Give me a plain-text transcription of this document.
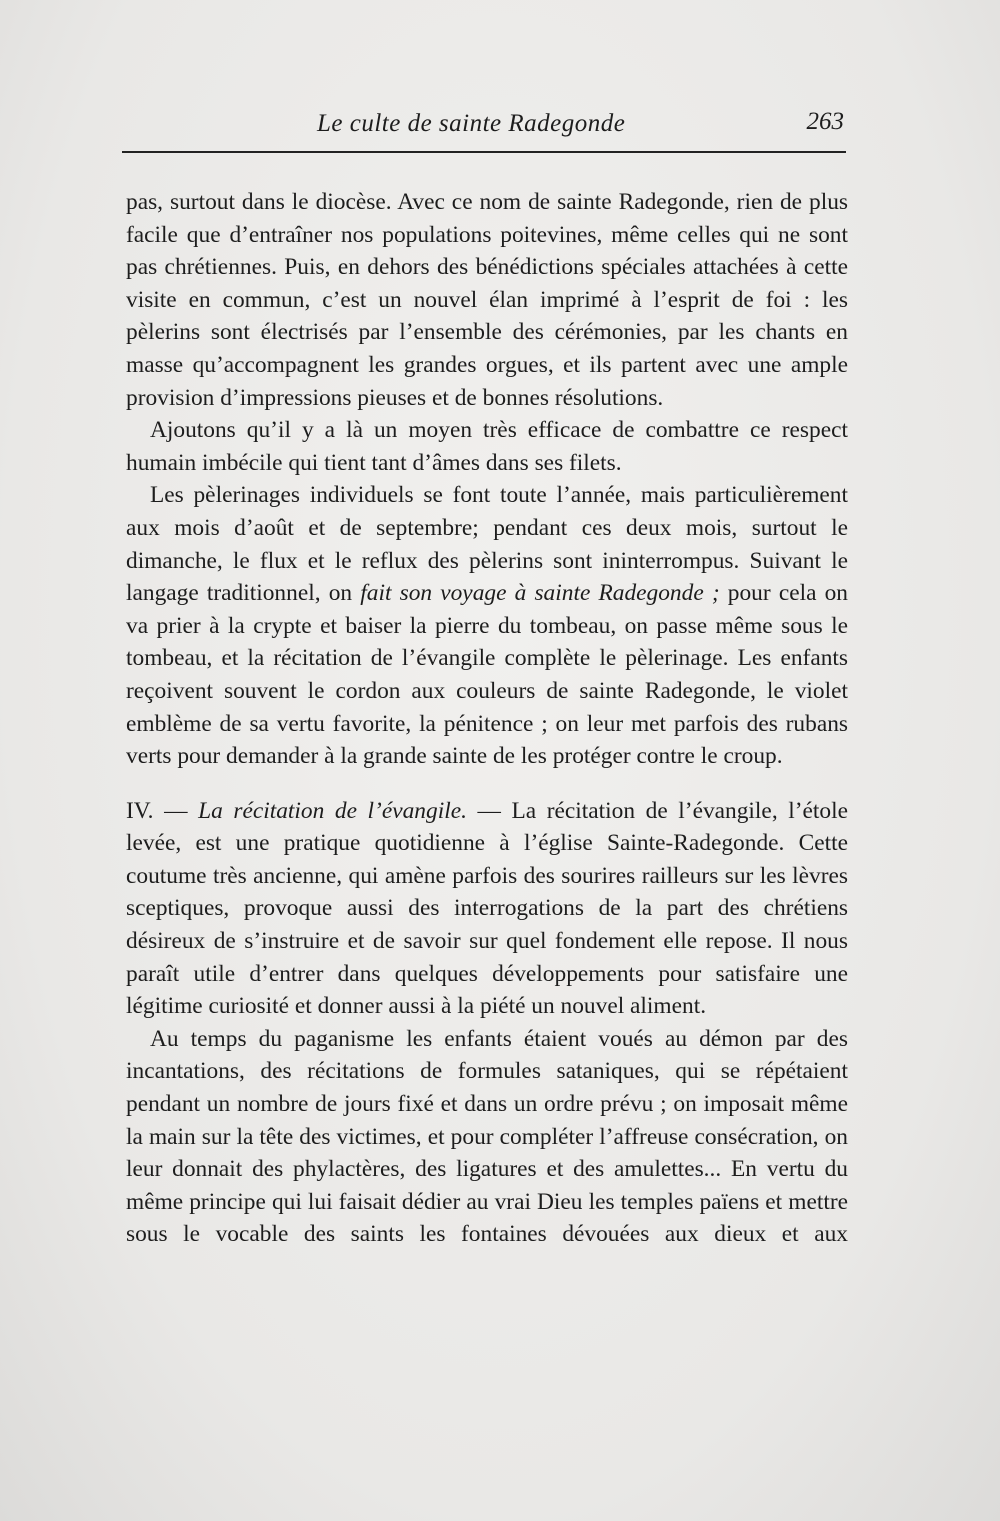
Le culte de sainte Radegonde	263

pas, surtout dans le diocèse. Avec ce nom de sainte Radegonde, rien de plus facile que d’entraîner nos populations poitevines, même celles qui ne sont pas chrétiennes. Puis, en dehors des bénédictions spéciales attachées à cette visite en commun, c’est un nouvel élan imprimé à l’esprit de foi : les pèlerins sont électrisés par l’ensemble des cérémonies, par les chants en masse qu’accompagnent les grandes orgues, et ils partent avec une ample provision d’impressions pieuses et de bonnes résolutions.

Ajoutons qu’il y a là un moyen très efficace de combattre ce respect humain imbécile qui tient tant d’âmes dans ses filets.

Les pèlerinages individuels se font toute l’année, mais particulièrement aux mois d’août et de septembre; pendant ces deux mois, surtout le dimanche, le flux et le reflux des pèlerins sont ininterrompus. Suivant le langage traditionnel, on fait son voyage à sainte Radegonde ; pour cela on va prier à la crypte et baiser la pierre du tombeau, on passe même sous le tombeau, et la récitation de l’évangile complète le pèlerinage. Les enfants reçoivent souvent le cordon aux couleurs de sainte Radegonde, le violet emblème de sa vertu favorite, la pénitence ; on leur met parfois des rubans verts pour demander à la grande sainte de les protéger contre le croup.

IV. — La récitation de l’évangile. — La récitation de l’évangile, l’étole levée, est une pratique quotidienne à l’église Sainte-Radegonde. Cette coutume très ancienne, qui amène parfois des sourires railleurs sur les lèvres sceptiques, provoque aussi des interrogations de la part des chrétiens désireux de s’instruire et de savoir sur quel fondement elle repose. Il nous paraît utile d’entrer dans quelques développements pour satisfaire une légitime curiosité et donner aussi à la piété un nouvel aliment.

Au temps du paganisme les enfants étaient voués au démon par des incantations, des récitations de formules sataniques, qui se répétaient pendant un nombre de jours fixé et dans un ordre prévu ; on imposait même la main sur la tête des victimes, et pour compléter l’affreuse consécration, on leur donnait des phylactères, des ligatures et des amulettes... En vertu du même principe qui lui faisait dédier au vrai Dieu les temples païens et mettre sous le vocable des saints les fontaines dévouées aux dieux et aux
